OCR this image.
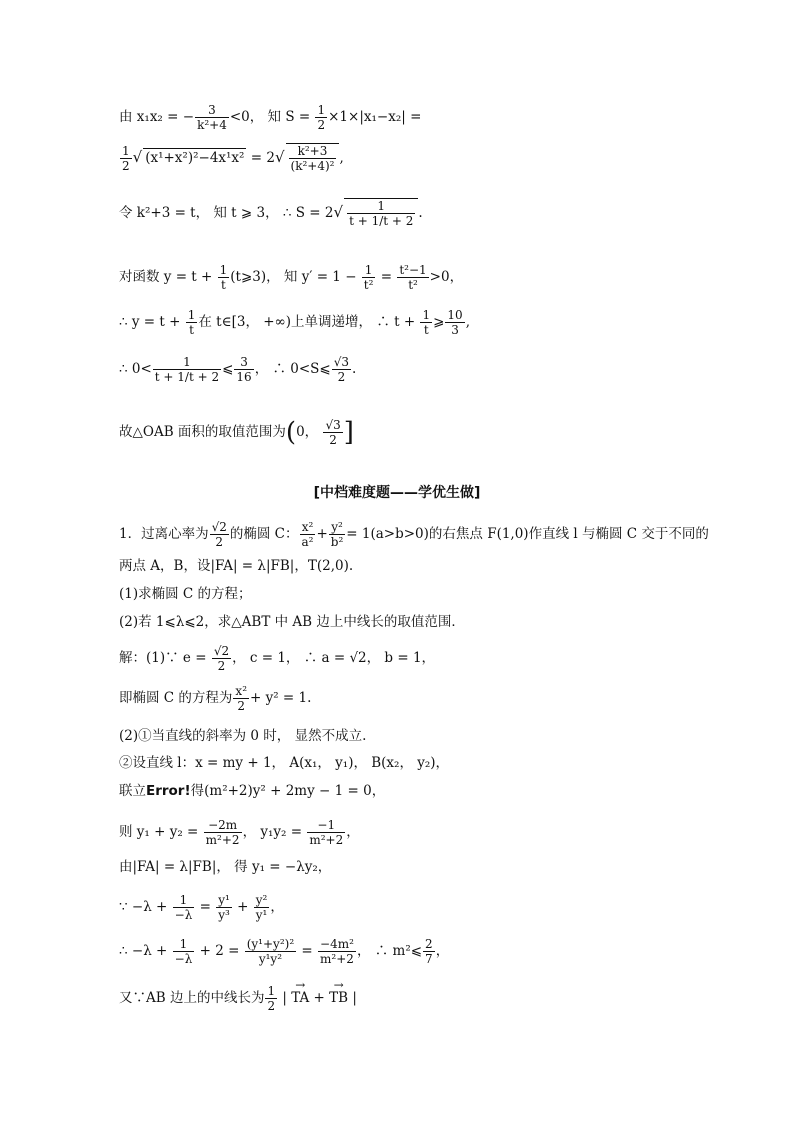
由 x₁x₂ = − $\frac{3}{\text{k²+4}} <0$， 知 $S = \frac{1}{2} \times 1\times|x_1-x_2|$ =
$\frac{1}{2}$ √ $(x^1+x^2)^2-4x^1x^2 = 2√ \frac{\text{k²+3}}{\text{(k²+4)²}}$ ,
令 k²+3 = t， 知 t ⩾ 3， ∴ $S = 2√ \frac{1}{t + 1/t + 2}$ .
对函数 $y = t + \frac{1}{t}$ (t⩾3)， 知 $y' = 1 - \frac{1}{\text{t²}} = \frac{\text{t²−1}}{\text{t²}} >0$，
∴ $y = t + \frac{1}{t}$ 在 t∈[3， +∞)上单调递增， ∴ $t + \frac{1}{t}$ ⩾ $\frac{10}{3}$ ,
∴ $0< \frac{1}{t + 1/t + 2}$ ⩽ $\frac{3}{16}$ ， ∴ 0<S⩽ $\frac{√3}{2}$ .
故△OAB 面积的取值范围为(0， $\frac{√3}{2}$ ]
[中档难度题——学优生做]
1．过离心率为 $\frac{√2}{2}$ 的椭圆 C： $\frac{\text{x²}}{\text{a²}} + \frac{\text{y²}}{\text{b²}} = 1(a>b>0)$的右焦点 F(1,0)作直线 l 与椭圆 C 交于不同的
两点 A，B，设|FA| = λ|FB|，T(2,0).
(1)求椭圆 C 的方程；
(2)若 1⩽λ⩽2，求△ABT 中 AB 边上中线长的取值范围．
解：(1)∵ $e = \frac{√2}{2}$ ， c = 1， ∴ a = √2， b = 1，
即椭圆 C 的方程为 $\frac{\text{x²}}{2} + y^2 = 1$.
(2)①当直线的斜率为 0 时， 显然不成立.
②设直线 l：x = my + 1， A(x₁， y₁)， B(x₂， y₂)，
联立Error!得(m²+2)y² + 2my − 1 = 0，
则 $y_1 + y_2 = \frac{-2m}{\text{m²+2}}$ ， $y_1y_2 = \frac{-1}{\text{m²+2}}$ ，
由|FA| = λ|FB|， 得 y₁ = −λy₂，
∵ $-\lambda + \frac{1}{-\lambda} = \frac{\text{y¹}}{\text{y³}} + \frac{\text{y²}}{\text{y¹}}$ ，
∴ $-\lambda + \frac{1}{-\lambda} + 2 = \frac{\text{(y¹+y²)²}}{\text{y¹y²}} = \frac{\text{−4m²}}{\text{m²+2}}$ ， ∴ m²⩽ $\frac{2}{7}$ ，
又∵AB 边上的中线长为 $\frac{1}{2}$ | → TA + → TB |
